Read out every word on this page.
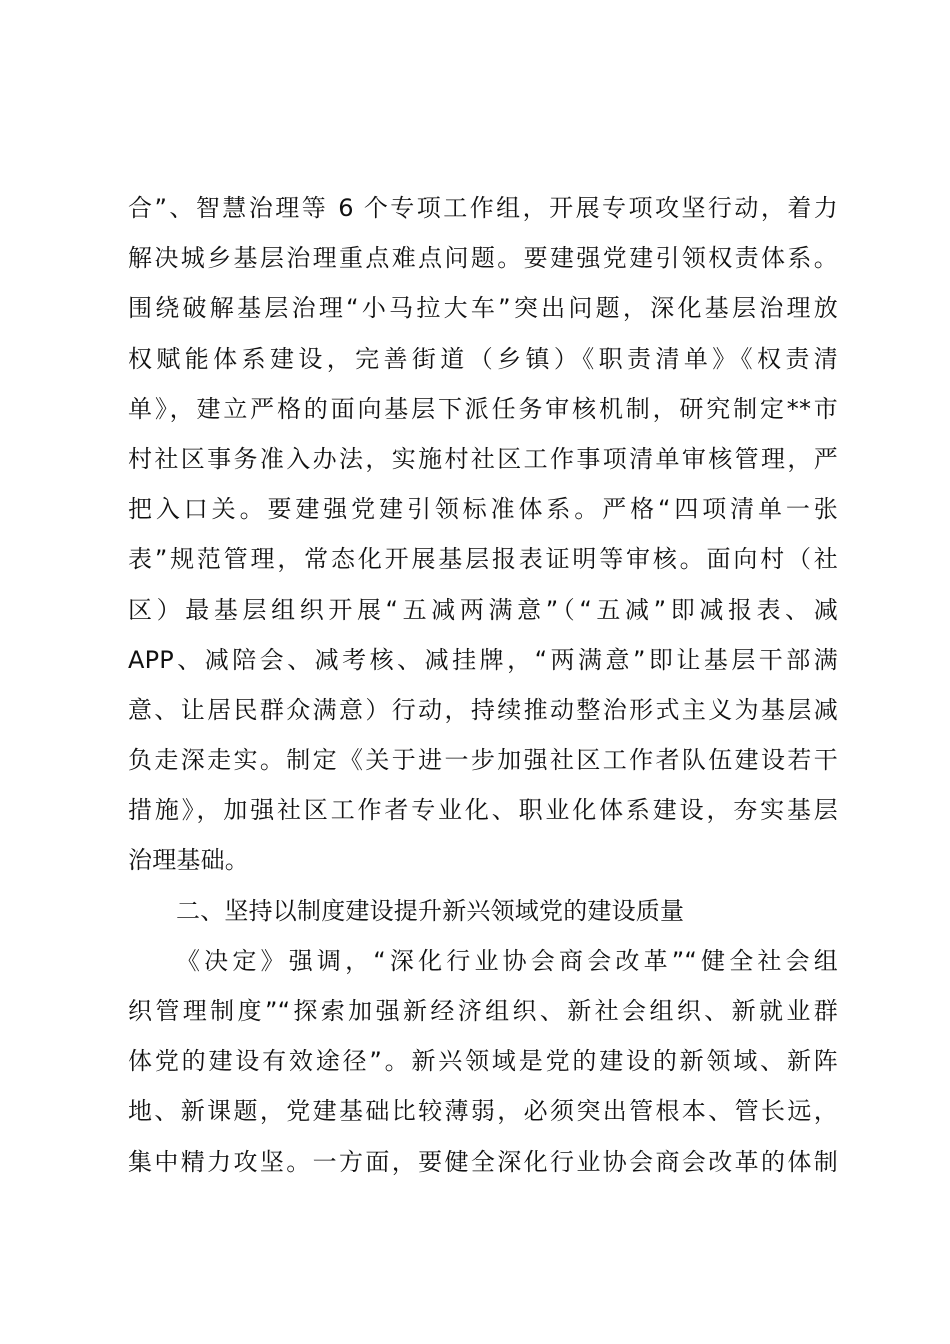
合”、智慧治理等 6 个专项工作组，开展专项攻坚行动，着力
解决城乡基层治理重点难点问题。要建强党建引领权责体系。
围绕破解基层治理“小马拉大车”突出问题，深化基层治理放
权赋能体系建设，完善街道（乡镇）《职责清单》《权责清
单》，建立严格的面向基层下派任务审核机制，研究制定**市
村社区事务准入办法，实施村社区工作事项清单审核管理，严
把入口关。要建强党建引领标准体系。严格“四项清单一张
表”规范管理，常态化开展基层报表证明等审核。面向村（社
区）最基层组织开展“五减两满意”（“五减”即减报表、减
APP、减陪会、减考核、减挂牌，“两满意”即让基层干部满
意、让居民群众满意）行动，持续推动整治形式主义为基层减
负走深走实。制定《关于进一步加强社区工作者队伍建设若干
措施》，加强社区工作者专业化、职业化体系建设，夯实基层
治理基础。
二、坚持以制度建设提升新兴领域党的建设质量
《决定》强调，“深化行业协会商会改革”“健全社会组
织管理制度”“探索加强新经济组织、新社会组织、新就业群
体党的建设有效途径”。新兴领域是党的建设的新领域、新阵
地、新课题，党建基础比较薄弱，必须突出管根本、管长远，
集中精力攻坚。一方面，要健全深化行业协会商会改革的体制
